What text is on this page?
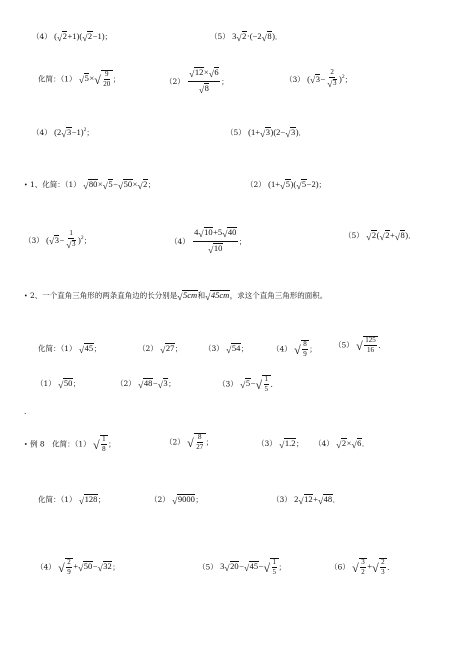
（4） (√2+1)(√2−1)；	（5） 3√2·(−2√8)．
化简：（1） $√5\times√ \frac{9}{20}$ ；	$(2) \frac{√12\times√6}{√8}$ ；	（3） $(√3- \frac{2}{√3} )^2$；
（4） $(2√3-1)^2$；	（5） (1+√3)(2−√3)．
• 1、化简：（1） √80×√5−√50×√2；	（2） (1+√5)(√5−2)；
（3） $(√3- \frac{1}{√3} )^2$；	$(4) \frac{4√10+5√40}{√10}$ ；
（5） √2(√2+√8)．
• 2、一个直角三角形的两条直角边的长分别是√5cm和√45cm，求这个直角三角形的面积。
化简：（1） √45；	（2） √27；	（3） √54；	（4） √ $\frac{8}{9}$ ； （5） √ $\frac{125}{16}$ ．
（1） √50；	（2） √48−√3；	（3） $√5-√ \frac{1}{5}$ ．
.
• 例 8　化简：（1） √ $\frac{1}{8}$ ；	（2） √ $\frac{8}{27}$ ；	（3） √1.2； （4） √2×√6．
化简：（1） √128；	（2） √9000；	（3） 2√12+√48．
（4） √ $\frac{2}{9} +√50-√32$；	（5） $3√20-√45-√ \frac{1}{5}$ ；	（6） √ $\frac{3}{2}$ +√ $\frac{2}{3}$ ．
